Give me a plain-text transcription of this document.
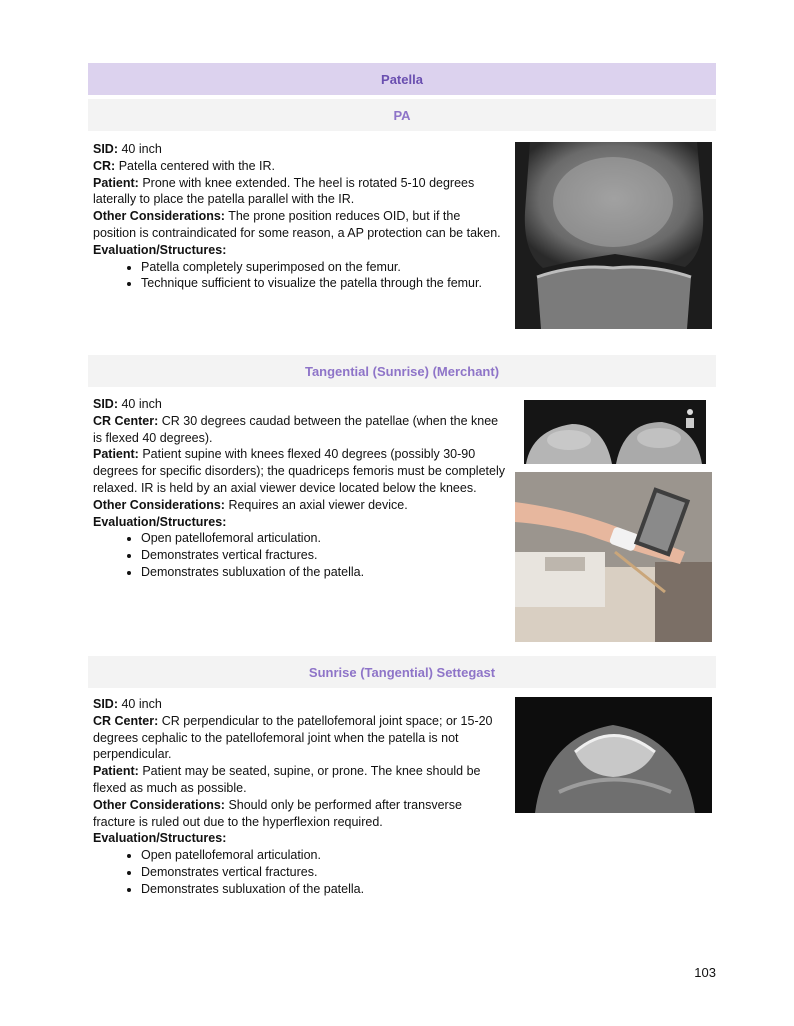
Patella
PA

SID: 40 inch

CR: Patella centered with the IR.

Patient: Prone with knee extended. The heel is rotated 5-10 degrees laterally to place the patella parallel with the IR.

Other Considerations: The prone position reduces OID, but if the position is contraindicated for some reason, a AP protection can be taken.

Evaluation/Structures:

• Patella completely superimposed on the femur.
• Technique sufficient to visualize the patella through the femur.
Tangential (Sunrise) (Merchant)

SID: 40 inch

CR Center: CR 30 degrees caudad between the patellae (when the knee is flexed 40 degrees).

Patient: Patient supine with knees flexed 40 degrees (possibly 30-90 degrees for specific disorders); the quadriceps femoris must be completely relaxed. IR is held by an axial viewer device located below the knees.

Other Considerations: Requires an axial viewer device.

Evaluation/Structures:

• Open patellofemoral articulation.
• Demonstrates vertical fractures.
• Demonstrates subluxation of the patella.
Sunrise (Tangential) Settegast

SID: 40 inch

CR Center: CR perpendicular to the patellofemoral joint space; or 15-20 degrees cephalic to the patellofemoral joint when the patella is not perpendicular.

Patient: Patient may be seated, supine, or prone. The knee should be flexed as much as possible.

Other Considerations: Should only be performed after transverse fracture is ruled out due to the hyperflexion required.

Evaluation/Structures:

• Open patellofemoral articulation.
• Demonstrates vertical fractures.
• Demonstrates subluxation of the patella.
103
